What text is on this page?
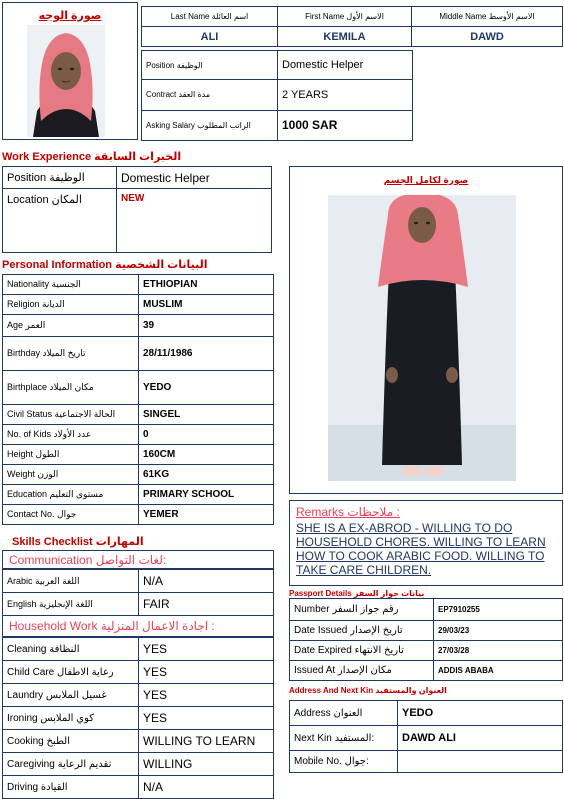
صورة الوجه	Last Name اسم العائلة	First Name الاسم الأول	Middle Name الاسم الأوسط
ALI	KEMILA	DAWD
Position الوظيفة	Domestic Helper
Contract مدة العقد	2 YEARS
Asking Salary الراتب المطلوب	1000 SAR
Work Experience الخبرات السابقة
Position الوظيفة	Domestic Helper
Location المكان	NEW
Personal Information البيانات الشخصية
Nationality الجنسية	ETHIOPIAN
Religion الديانة	MUSLIM
Age العمر	39
Birthday تاريخ الميلاد	28/11/1986
Birthplace مكان الميلاد	YEDO
Civil Status الحالة الاجتماعية	SINGEL
No. of Kids عدد الأولاد	0
Height الطول	160CM
Weight الوزن	61KG
Education مستوى التعليم	PRIMARY SCHOOL
Contact No. جوال	YEMER
Skills Checklist المهارات
Communication لغات التواصل:
Arabic اللغة العربية	N/A
English اللغة الإنجليزية	FAIR
Household Work اجادة الاعمال المنزلية :
Cleaning النظافة	YES
Child Care رعاية الاطفال	YES
Laundry غسيل الملابس	YES
Ironing كوي الملابس	YES
Cooking الطبخ	WILLING TO LEARN
Caregiving تقديم الرعاية	WILLING
Driving القيادة	N/A
صورة لكامل الجسم
Remarks ملاحظات :
SHE IS A EX-ABROD - WILLING TO DO HOUSEHOLD CHORES. WILLING TO LEARN HOW TO COOK ARABIC FOOD. WILLING TO TAKE CARE CHILDREN.
Passport Details بيانات جواز السفر
Number رقم جواز السفر	EP7910255
Date Issued تاريخ الإصدار	29/03/23
Date Expired تاريخ الانتهاء	27/03/28
Issued At مكان الإصدار	ADDIS ABABA
Address And Next Kin العنوان والمستفيد
Address العنوان	YEDO
Next Kin المستفيد:	DAWD ALI
Mobile No. جوال:	
